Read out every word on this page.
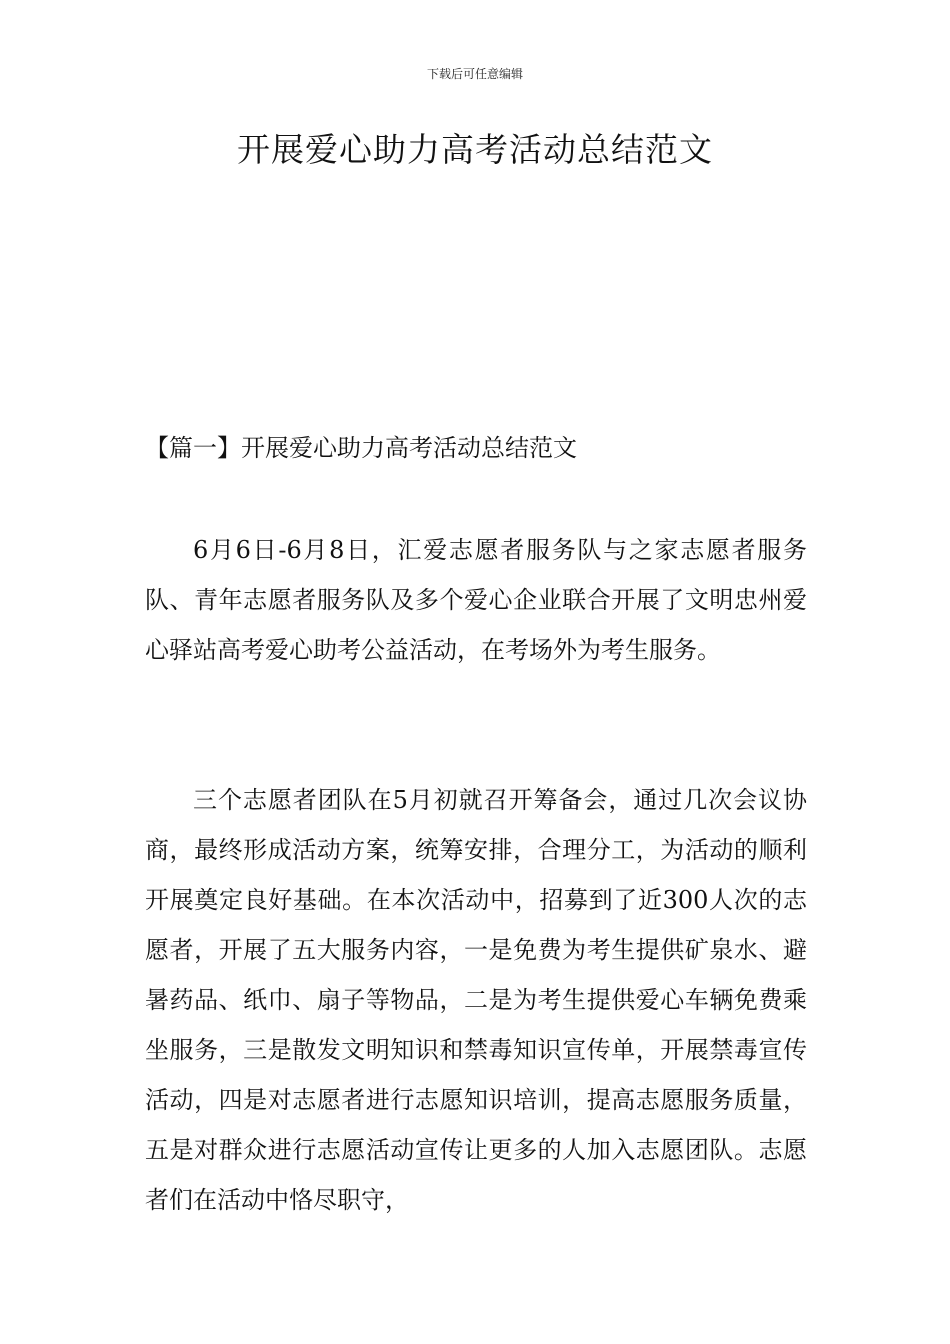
下载后可任意编辑
开展爱心助力高考活动总结范文
【篇一】开展爱心助力高考活动总结范文

6月6日-6月8日，汇爱志愿者服务队与之家志愿者服务队、青年志愿者服务队及多个爱心企业联合开展了文明忠州爱心驿站高考爱心助考公益活动，在考场外为考生服务。

三个志愿者团队在5月初就召开筹备会，通过几次会议协商，最终形成活动方案，统筹安排，合理分工，为活动的顺利开展奠定良好基础。在本次活动中，招募到了近300人次的志愿者，开展了五大服务内容，一是免费为考生提供矿泉水、避暑药品、纸巾、扇子等物品，二是为考生提供爱心车辆免费乘坐服务，三是散发文明知识和禁毒知识宣传单，开展禁毒宣传活动，四是对志愿者进行志愿知识培训，提高志愿服务质量，五是对群众进行志愿活动宣传让更多的人加入志愿团队。志愿者们在活动中恪尽职守，
